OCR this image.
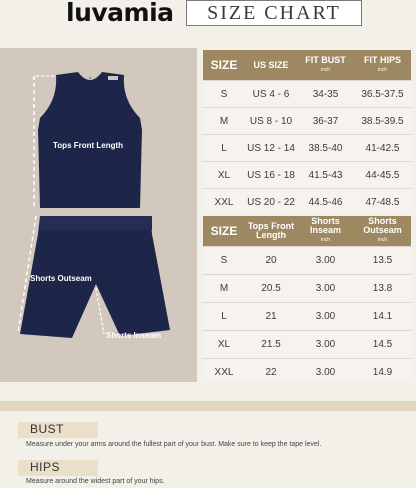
luvamia	SIZE CHART
Tops Front Length
Shorts Outseam
Shorts Inseam
SIZE	US SIZE	FIT BUST
inch
FIT HIPS
inch
S	US 4 - 6	34-35	36.5-37.5
M	US 8 - 10	36-37	38.5-39.5
L	US 12 - 14	38.5-40	41-42.5
XL	US 16 - 18	41.5-43	44-45.5
XXL	US 20 - 22	44.5-46	47-48.5
SIZE	Tops Front Length
Shorts Inseam
inch
Shorts Outseam
inch
S	20	3.00	13.5
M	20.5	3.00	13.8
L	21	3.00	14.1
XL	21.5	3.00	14.5
XXL	22	3.00	14.9
BUST
Measure under your arms around the fullest part of your bust. Make sure to keep the tape level.
HIPS
Measure around the widest part of your hips.
